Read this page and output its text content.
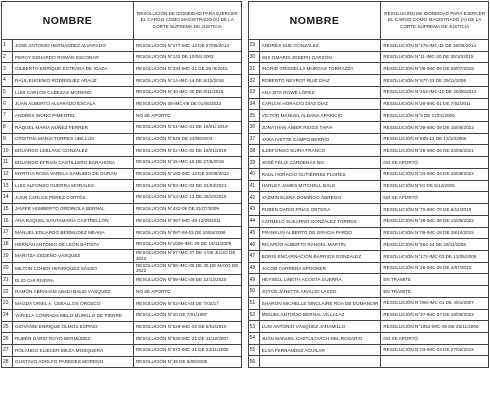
NOMBRE		RESOLUCIÓN DE IDONEIDAD PARA EJERCER EL CARGO COMO MAGISTRADO (A) DE LA CORTE SUPREMA DE JUSTICIA
1	JOSÉ ANTONIO HERNÁNDEZ ALVARADO	RESOLUCIÓN N°177-IMC-12 DE 27/06/2014
2	PERCY EDUARDO ROMÁN ESCOBAR	RESOLUCIÓN N°142 DE 10/04/ 2003
3	GILBERTO ENRIQUE ESTRADA DE ICAZA	RESOLUCIÓN N°334-IMC-21 DE 29 /8/2011
4	RAÚL EUGENIO RODRÍGUEZ ARAÚZ	RESOLUCIÓN N°14-IMC-14 DE 5/10/2016
5	LUIS CARLOS CABEZAS MORENO	RESOLUCIÓN N°40-IMC-30 DE 8/11/2018
6	JUAN ALBERTO ALVARADO ESCALA	RESOLUCIÓN 08-IMC-08 DE 01/06/2022
7	ANDRÉS WONG PIMENTEL	NO SE APORTÓ
8	RAQUEL MARÍA NÚÑEZ FERRER	RESOLUCIÓN N°01-IMC-01 DE 18/01/ 2019
9	CRISTINA MARÍA TORRES UBILLÚS	RESOLUCIÓN N°646 DE 23/08/2004
10	EDUARDO LEBLANC GONZÁLEZ	RESOLUCIÓN N°22-IMC-02 DE 18/01/2019
11	EDUARDO EFRAÍN CASTILLERO BARAHONA	RESOLUCIÓN N°15-IMC-16 DE 27/6/2019
12	MYRTHA ROSA VARELA SAMUDIO DE DURÁN	RESOLUCIÓN N°183-IMC-12 DE 20/08/2012
13	LUIS ALFONSO GUERRA MORALES	RESOLUCIÓN N°03-IMC-03 DE 22/03/2021
14	JUAN CARLOS PÉREZ CORTÉS	RESOLUCIÓN N°13-IMC-13 DE 25/10/2016
15	JAVIER HUMBERTO ORDINOLA BERNAL	RESOLUCIÓN N°432-09 DE 21/07/2009
16	ANA RAQUEL SANTAMARÍA CASTRELLÓN	RESOLUCIÓN N°367-IMC-49 12/09/2011
17	MANUEL EDUARDO BERMÚDEZ MEANA	RESOLUCIÓN N°087-IM-03 DE 10/04/2006
18	HERNÁN ANTONIO DE LEÓN BATISTA	RESOLUCIÓN N°1006-IMC-29 DE 19/11/2009
19	MARITZA CEDEÑO VÁSQUEZ	RESOLUCIÓN N°27-IMC-27 DE 4 DE JULIO DE 2022
20	MILTON COHEN HENRÍQUEZ SASSO	RESOLUCIÓN N°06-IMC-06 DE 30 DE MAYO DE 2022
21	ELIO CHI RIVERA	RESOLUCIÓN N°09-IMC-09 DE 22/12/2020
22	RAMÓN ABRAHAM ABADI BALID VÁSQUEZ	NO SE APORTÓ
23	MAGDA ORIEL A. CEBALLOS OROZCO	RESOLUCIÓN N°03-IMC-03 DE 7/02/17
24	YARIELA CONRADA MELO MURILLO DE PIERRE	RESOLUCIÓN N°10 DE 7/01/1997
25	GIOVANNI ENRIQUE OLMOS ESPINO	RESOLUCIÓN N°029-IMC-02 DE 5/02/2010
26	RUBÉN DARÍO ROYO BERMÚDEZ	RESOLUCIÓN N°630-IMC-21 DE 11/12/2007
27	ROLANDO ELIECER MEJÍA MOSQUERA	RESOLUCIÓN N°672-IMC-21 DE 23/11/2000
28	GUSTAVO ADOLFO PAREDES MORENO	RESOLUCIÓN N°49 DE 5/08/2005
NOMBRE		RESOLUCIÓN DE IDONEIDAD PARA EJERCER EL CARGO COMO MAGISTRADO (A) DE LA CORTE SUPREMA DE JUSTICIA
29	ANDRÉS SUE GONZÁLEZ	RESOLUCIÓN N°176-IMC-11 DE 26/06/2014
30	ISIS OMARIS JOSEPH GARZÓN	RESOLUCIÓN N°11-IMC-20 DE 30/10/2015
31	INGRID GRISSELLA MURGAS TORRAZZA	RESOLUCIÓN N°09-IMC-09 DE 29/07/2019
32	ROBERTO NEYROT RUIZ DÍAZ	RESOLUCIÓN N°677-23 DE 29/11/2006
33	ANA ZITA ROWE LÓPEZ	RESOLUCIÓN N°154-IMC-10 DE 20/06/2014
34	CARLOS HORACIO DÍAZ DÍAZ	RESOLUCIÓN N°26-IMC-01 DE 7/02/2011
35	VÍCTOR MANUEL ALDANA APARICIO	RESOLUCIÓN N°3 DE 17/01/2005
36	JONATHAN ANIER RIGGS TAPIA	RESOLUCIÓN N°39-IMC-39 DE 15/09/2022
37	YARA IVETTE CAMPO BERRÍO	RESOLUCIÓN N°605-12 DE 13/10/2006
38	ILDEFONSO SUIRA FRANCO	RESOLUCIÓN N°26-IMC-26 DE 24/06/2021
39	JOSÉ FÉLIX CÁRDENAS NG	NO SE APORTÓ
40	RAÚL HORACIO GUTIÉRREZ FLORES	RESOLUCIÓN N°34-IMC-34 DE 15/09/2022
41	HARLEY JAMES MITCHELL DALE	RESOLUCIÓN N°81 DE 5/12/2005
42	YAZMÍN ELENA DOMINGO ÁBREGO	NO SE APORTÓ
43	RUBÉN DARÍO FRÍAS ORTEGA	RESOLUCIÓN N°70-IMC-70 DE 6/12/2019
44	CARMELO SUKARNO GONZÁLEZ TORRES	RESOLUCIÓN N°38-IMC-38 DE 15/09/2022
45	FRANKLIN ALBERTO DE GRACIA PARDO	RESOLUCIÓN N°09-IMC-18 DE 29/10/2015
46	RICARDO ALBERTO RANGEL MARTÍN	RESOLUCIÓN N°684-24 DE 29/11/2006
47	BORIS ENCARNACIÓN BARRIOS GONZÁLEZ	RESOLUCIÓN N°172-IMC-03 DE 13/05/2008
48	JACOB CARRERA SPOONER	RESOLUCIÓN N°28-IMC-28 DE 4/07/2022
49	HEYSELL LINETH ACOSTA GUERRA	EN TRÁMITE
50	JOYCE JANETTE ARAUJO LASSO	EN TRÁMITE
51	SHARON MICHELLE SINCLAIRE ROA DE DUMANOIR	RESOLUCIÓN N°008-IMC-01 DE 4/01/2007
52	MIGUEL ANTONIO BERNAL VILLALAZ	RESOLUCIÓN N°37-IMC-37 DE 15/09/2022
53	LUIS ANTONIO VÁSQUEZ JARAMILLO	RESOLUCIÓN N°1052-IMC-39 DE 25/11/2009
54	JUAN MANUEL CASTULOVICH DEL ROSARIO	NO SE APORTÓ
55	ELSA FERNÁNDEZ AGUILAR	RESOLUCIÓN N°03-IMC-03 DE 27/02/2019
56		
